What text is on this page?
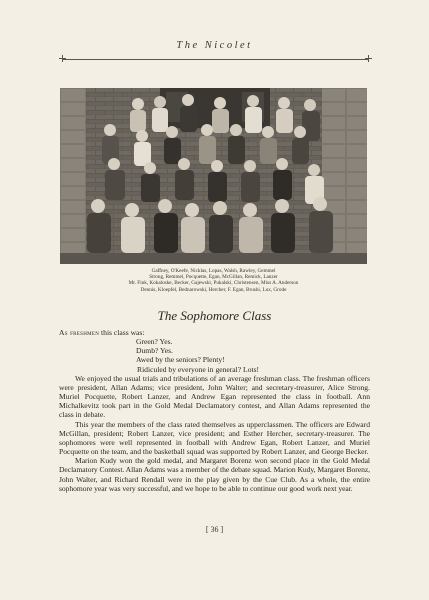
The Nicolet
Gaffney, O'Keefe, Nicklas, Lopas, Walsh, Rawley, Gemmel
Strong, Remmel, Pocquette, Egan, McGillan, Remick, Lanzer
Mr. Fink, Kokaloske, Becker, Gajewski, Pukalski, Christensen, Miss A. Anderson
Dennis, Kloepfel, Bednarowski, Hercher, F. Egan, Brushi, Lux, Grode
The Sophomore Class

As freshmen this class was:

Green? Yes.
Dumb? Yes.
Awed by the seniors? Plenty!
Ridiculed by everyone in general? Lots!

We enjoyed the usual trials and tribulations of an average freshman class. The freshman officers were president, Allan Adams; vice president, John Walter; and secretary-treasurer, Alice Strong. Muriel Pocquette, Robert Lanzer, and Andrew Egan represented the class in football. Ann Michalkevitz took part in the Gold Medal Declamatory contest, and Allan Adams represented the class in debate.

This year the members of the class rated themselves as upperclassmen. The officers are Edward McGillan, president; Robert Lanzer, vice president; and Esther Hercher, secretary-treasurer. The sophomores were well represented in football with Andrew Egan, Robert Lanzer, and Muriel Pocquette on the team, and the basketball squad was supported by Robert Lanzer, and George Becker.

Marion Kudy won the gold medal, and Margaret Borenz won second place in the Gold Medal Declamatory Contest. Allan Adams was a member of the debate squad. Marion Kudy, Margaret Borenz, John Walter, and Richard Rendall were in the play given by the Cue Club. As a whole, the entire sophomore year was very successful, and we hope to be able to continue our good work next year.

[ 36 ]
